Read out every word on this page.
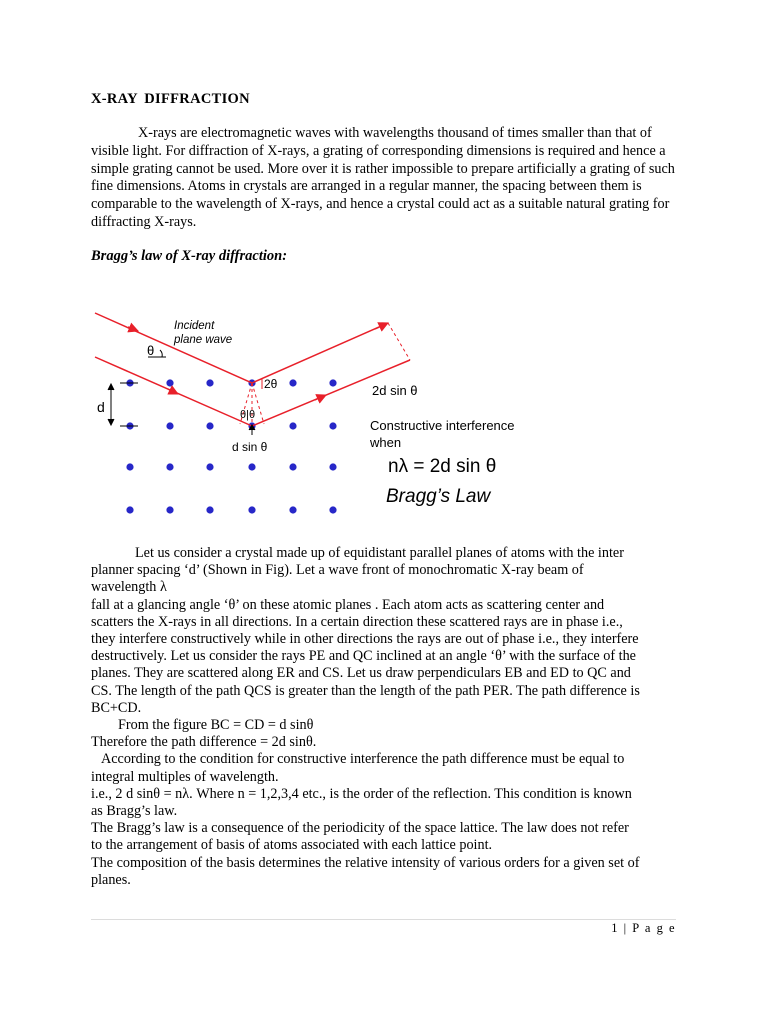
X-RAY DIFFRACTION

X-rays are electromagnetic waves with wavelengths thousand of times smaller than that of visible light. For diffraction of X-rays, a grating of corresponding dimensions is required and hence a simple grating cannot be used. More over it is rather impossible to prepare artificially a grating of such fine dimensions. Atoms in crystals are arranged in a regular manner, the spacing between them is comparable to the wavelength of X-rays, and hence a crystal could act as a suitable natural grating for diffracting X-rays.

Bragg’s law of X-ray diffraction:
Incident
plane wave
θ
2θ
d	θ|θ
d sin θ
2d sin θ
Constructive interference
when
nλ = 2d sin θ
Bragg’s Law
Let us consider a crystal made up of equidistant parallel planes of atoms with the inter
planner spacing ‘d’ (Shown in Fig). Let a wave front of monochromatic X-ray beam of
wavelength λ
fall at a glancing angle ‘θ’ on these atomic planes . Each atom acts as scattering center and
scatters the X-rays in all directions. In a certain direction these scattered rays are in phase i.e.,
they interfere constructively while in other directions the rays are out of phase i.e., they interfere
destructively. Let us consider the rays PE and QC inclined at an angle ‘θ’ with the surface of the
planes. They are scattered along ER and CS. Let us draw perpendiculars EB and ED to QC and
CS. The length of the path QCS is greater than the length of the path PER. The path difference is
BC+CD.
From the figure BC = CD = d sinθ
Therefore the path difference = 2d sinθ.
According to the condition for constructive interference the path difference must be equal to
integral multiples of wavelength.
i.e., 2 d sinθ = nλ. Where n = 1,2,3,4 etc., is the order of the reflection. This condition is known
as Bragg’s law.
The Bragg’s law is a consequence of the periodicity of the space lattice. The law does not refer
to the arrangement of basis of atoms associated with each lattice point.
The composition of the basis determines the relative intensity of various orders for a given set of
planes.
1 | P a g e
